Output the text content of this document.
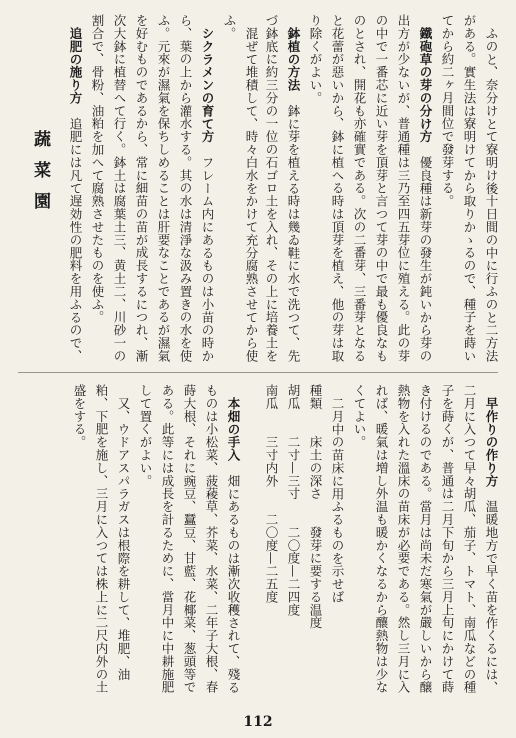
ふのと、奈分けとて寮明け後十日間の中に行ふのと二方法がある。實生法は寮明けてから取りかゝるので、種子を蒔いてから約二ヶ月間位で發芽する。

鐵砲草の芽の分け方　優良種は新芽の發生が鈍いから芽の出方が少ないが、普通種は三乃至四五芽位に殖える。此の芽の中で一番芯に近い芽を頂芽と言つて芽の中で最も優良なものとされ、開花も亦確實である。次の二番芽、三番芽となると花蕾が惡いから、鉢に植へる時は頂芽を植え、他の芽は取り除くがよい。

鉢植の方法　鉢に芽を植える時は幾ゐ鞋に水で洗つて、先づ鉢底に約三分の一位の石ゴロ土を入れ、その上に培養土を

混ぜて堆積して、時々白水をかけて充分腐熟させてから使ふ。

シクラメンの育て方　フレーム内にあるものは小苗の時から、葉の上から灌水する。其の水は清淨な汲み置きの水を使ふ。元來が濕氣を保ちしめることは肝要なことであるが濕氣を好むものであるから、常に細苗の苗が成長するにつれ、漸次大鉢に植替へて行く。鉢土は腐葉土三、黄土二、川砂一の割合で、骨粉、油粕を加へて腐熟させたものを使ふ。

追肥の施り方　追肥には凡て遅効性の肥料を用ふるので、

蔬菜園

早作りの作り方　温暖地方で早く苗を作くるには、二月に入つて早々胡瓜、茄子、トマト、南瓜などの種子を蒔くが、普通は二月下旬から三月上旬にかけて蒔き付けるのである。當月は尚未だ寒氣が嚴しいから醸熱物を入れた溫床の苗床が必要である。然し三月に入れば、暖氣は増し外温も暖かくなるから釀熱物は少なくてよい。

二月中の苗床に用ふるものを示せば

種類　　床土の深さ　　發芽に要する温度

胡瓜　　二寸—三寸　　二〇度—二四度

南瓜　　三寸内外　　二〇度—二五度

本畑の手入　畑にあるものは漸次收穫されて、殘るものは小松菜、菠薐草、芥菜、水菜、二年子大根、春蒔大根、それに豌豆、蠶豆、甘藍、花椰菜、葱頭等である。此等には成長を計るために、當月中に中耕施肥して置くがよい。

又、ウドアスパラガスは根際を耕して、堆肥、油粕、下肥を施し、三月に入つては株上に二尺内外の土盛をする。

112
